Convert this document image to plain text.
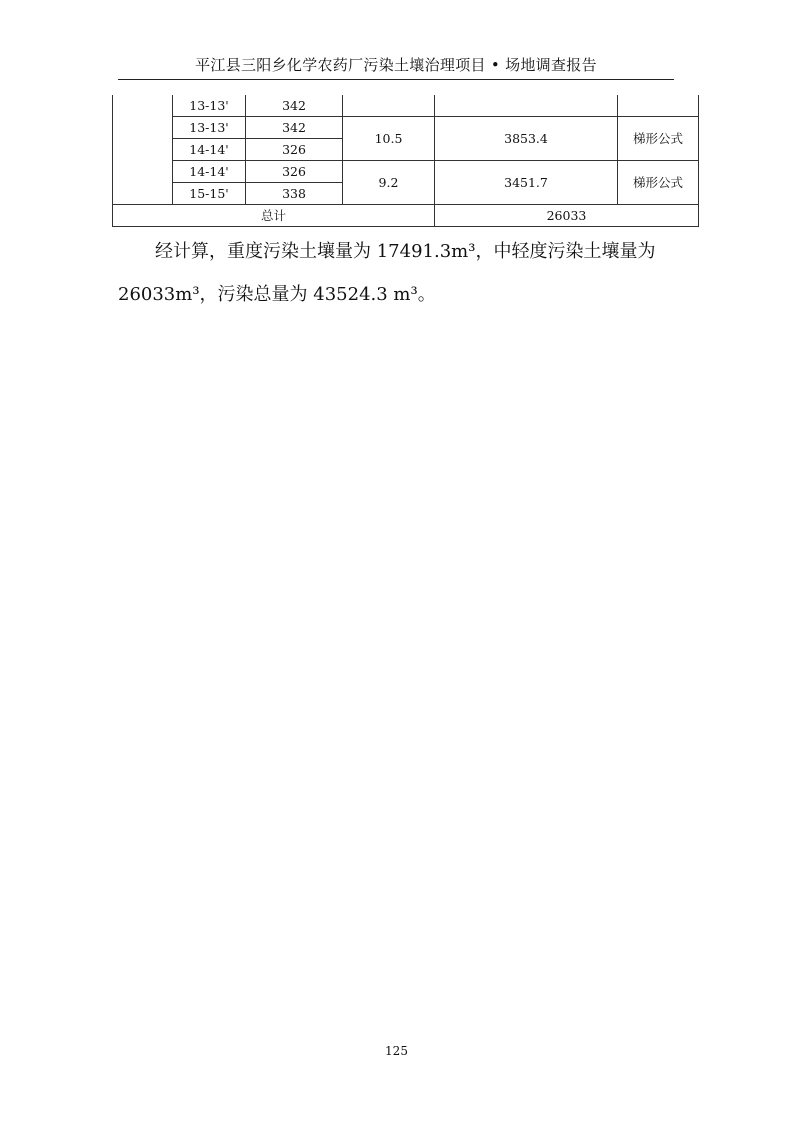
平江县三阳乡化学农药厂污染土壤治理项目 • 场地调查报告
	13-13'	342			
	13-13'	342	10.5	3853.4	梯形公式
	14-14'	326			
	14-14'	326	9.2	3451.7	梯形公式
	15-15'	338			
总计				26033	
经计算，重度污染土壤量为 17491.3m³，中轻度污染土壤量为
26033m³，污染总量为 43524.3 m³。
125
